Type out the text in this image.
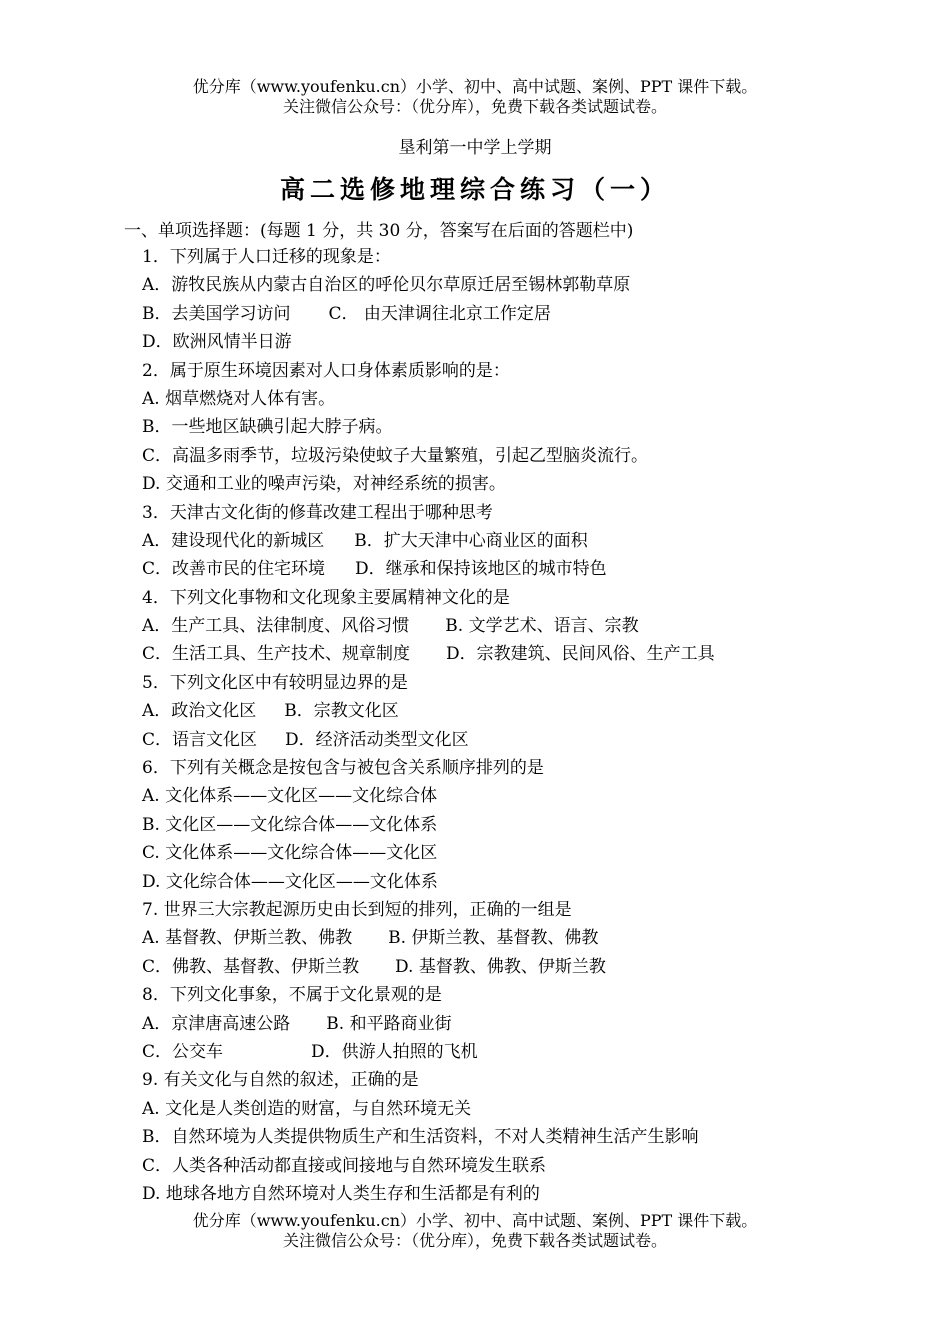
优分库（www.youfenku.cn）小学、初中、高中试题、案例、PPT 课件下载。
关注微信公众号：（优分库），免费下载各类试题试卷。
垦利第一中学上学期
高二选修地理综合练习（一）
一、单项选择题：(每题 1 分，共 30 分，答案写在后面的答题栏中)
1．下列属于人口迁移的现象是：
A．游牧民族从内蒙古自治区的呼伦贝尔草原迁居至锡林郭勒草原
B．去美国学习访问 C． 由天津调往北京工作定居
D．欧洲风情半日游
2．属于原生环境因素对人口身体素质影响的是：
A. 烟草燃烧对人体有害。
B．一些地区缺碘引起大脖子病。
C．高温多雨季节，垃圾污染使蚊子大量繁殖，引起乙型脑炎流行。
D. 交通和工业的噪声污染，对神经系统的损害。
3．天津古文化街的修葺改建工程出于哪种思考
A．建设现代化的新城区 B．扩大天津中心商业区的面积
C．改善市民的住宅环境 D．继承和保持该地区的城市特色
4．下列文化事物和文化现象主要属精神文化的是
A．生产工具、法律制度、风俗习惯 B. 文学艺术、语言、宗教
C．生活工具、生产技术、规章制度 D．宗教建筑、民间风俗、生产工具
5．下列文化区中有较明显边界的是
A．政治文化区 B．宗教文化区
C．语言文化区 D．经济活动类型文化区
6．下列有关概念是按包含与被包含关系顺序排列的是
A. 文化体系——文化区——文化综合体
B. 文化区——文化综合体——文化体系
C. 文化体系——文化综合体——文化区
D. 文化综合体——文化区——文化体系
7. 世界三大宗教起源历史由长到短的排列，正确的一组是
A. 基督教、伊斯兰教、佛教 B. 伊斯兰教、基督教、佛教
C．佛教、基督教、伊斯兰教 D. 基督教、佛教、伊斯兰教
8．下列文化事象，不属于文化景观的是
A．京津唐高速公路 B. 和平路商业街
C．公交车	D．供游人拍照的飞机
9. 有关文化与自然的叙述，正确的是
A. 文化是人类创造的财富，与自然环境无关
B．自然环境为人类提供物质生产和生活资料，不对人类精神生活产生影响
C．人类各种活动都直接或间接地与自然环境发生联系
D. 地球各地方自然环境对人类生存和生活都是有利的
优分库（www.youfenku.cn）小学、初中、高中试题、案例、PPT 课件下载。
关注微信公众号：（优分库），免费下载各类试题试卷。
